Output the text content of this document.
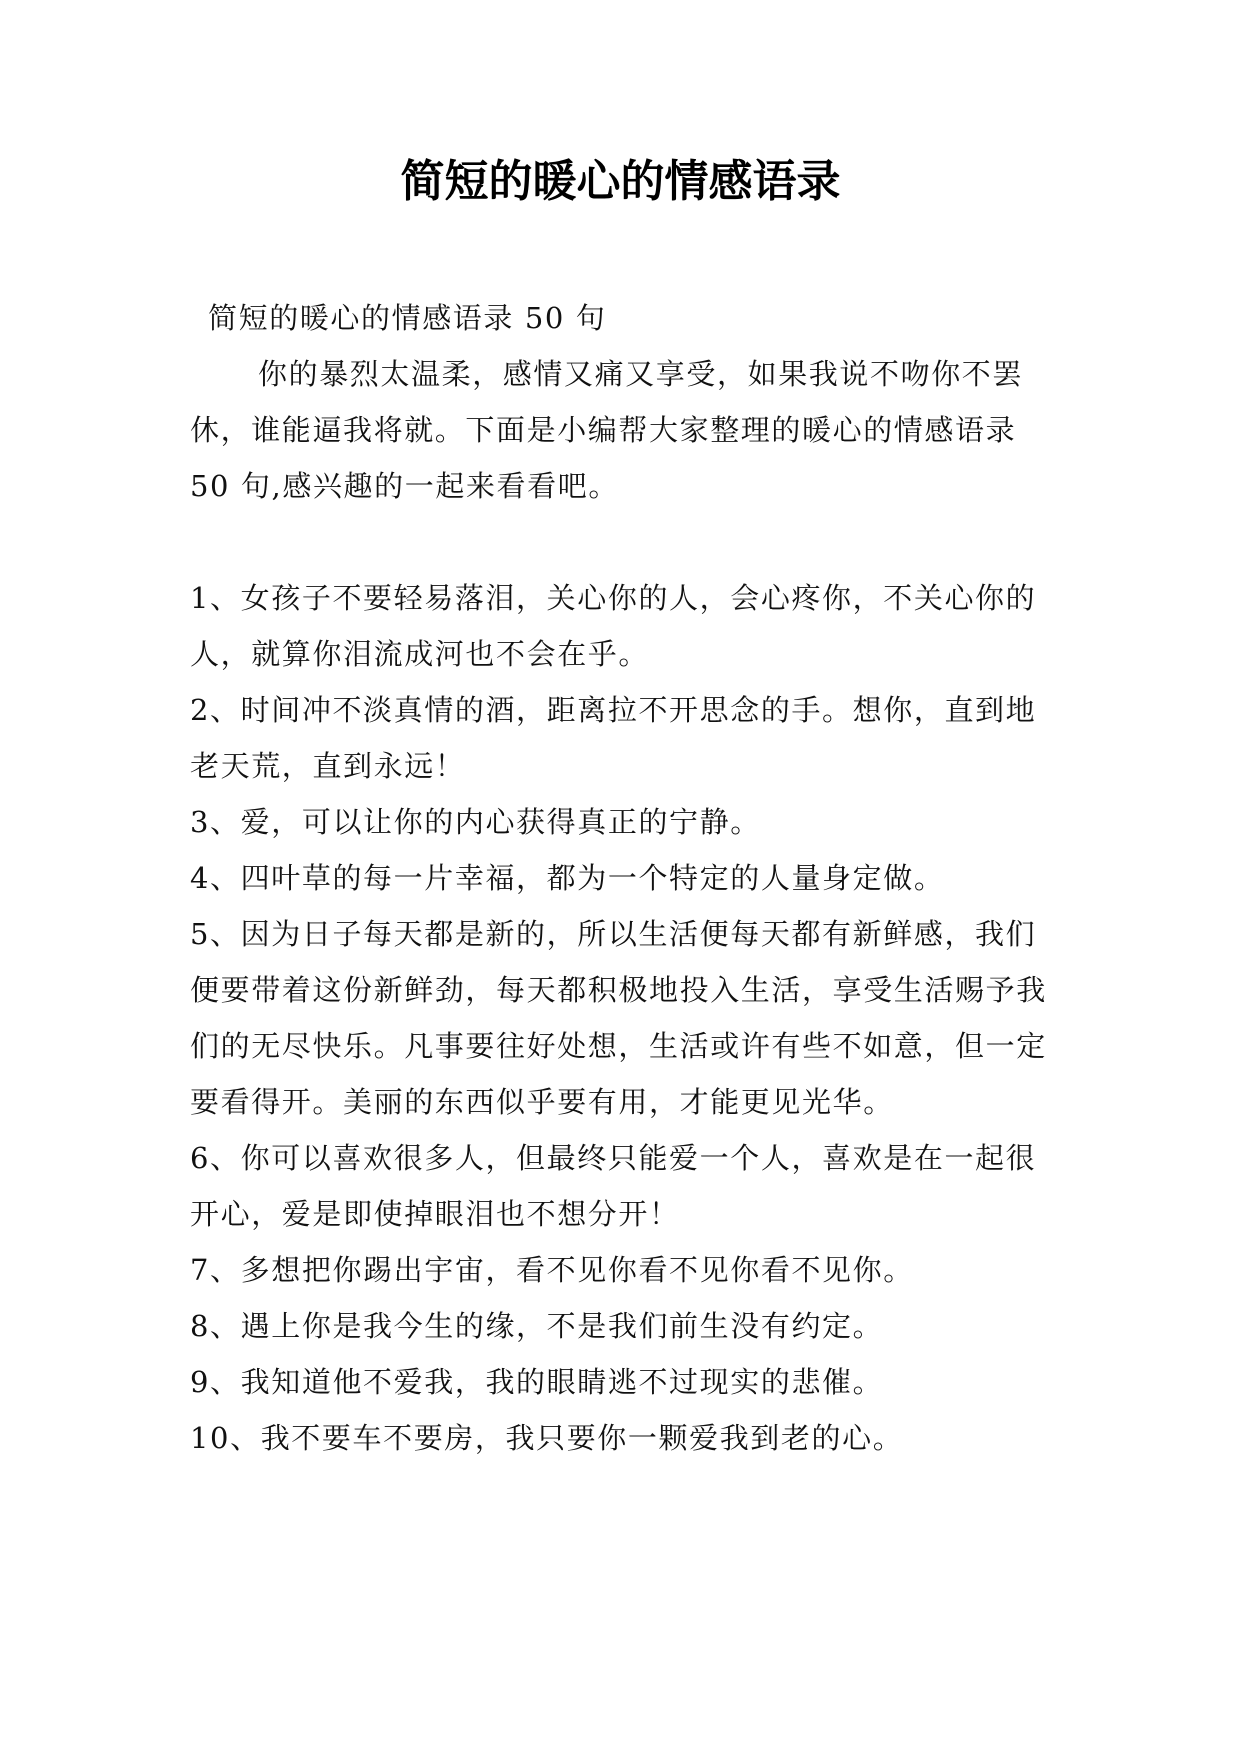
简短的暖心的情感语录

简短的暖心的情感语录 50 句

你的暴烈太温柔，感情又痛又享受，如果我说不吻你不罢休，谁能逼我将就。下面是小编帮大家整理的暖心的情感语录 50 句,感兴趣的一起来看看吧。

1、女孩子不要轻易落泪，关心你的人，会心疼你，不关心你的人，就算你泪流成河也不会在乎。
2、时间冲不淡真情的酒，距离拉不开思念的手。想你，直到地老天荒，直到永远！
3、爱，可以让你的内心获得真正的宁静。
4、四叶草的每一片幸福，都为一个特定的人量身定做。
5、因为日子每天都是新的，所以生活便每天都有新鲜感，我们便要带着这份新鲜劲，每天都积极地投入生活，享受生活赐予我们的无尽快乐。凡事要往好处想，生活或许有些不如意，但一定要看得开。美丽的东西似乎要有用，才能更见光华。
6、你可以喜欢很多人，但最终只能爱一个人，喜欢是在一起很开心，爱是即使掉眼泪也不想分开！
7、多想把你踢出宇宙，看不见你看不见你看不见你。
8、遇上你是我今生的缘，不是我们前生没有约定。
9、我知道他不爱我，我的眼睛逃不过现实的悲催。
10、我不要车不要房，我只要你一颗爱我到老的心。
